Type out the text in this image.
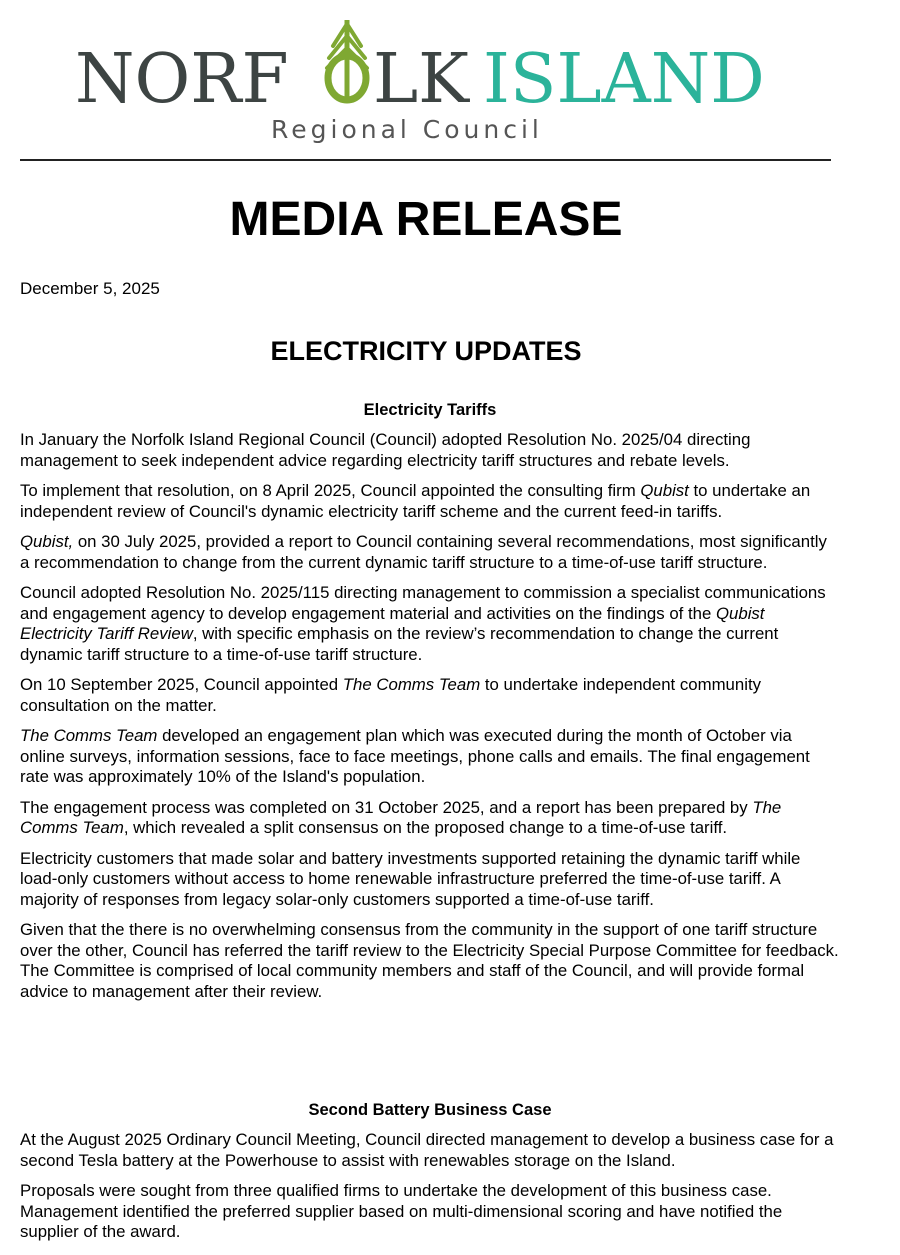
NORF LK ISLAND
Regional Council
MEDIA RELEASE

December 5, 2025

ELECTRICITY UPDATES
Electricity Tariffs

In January the Norfolk Island Regional Council (Council) adopted Resolution No. 2025/04 directing management to seek independent advice regarding electricity tariff structures and rebate levels.

To implement that resolution, on 8 April 2025, Council appointed the consulting firm Qubist to undertake an independent review of Council's dynamic electricity tariff scheme and the current feed-in tariffs.

Qubist, on 30 July 2025, provided a report to Council containing several recommendations, most significantly a recommendation to change from the current dynamic tariff structure to a time-of-use tariff structure.

Council adopted Resolution No. 2025/115 directing management to commission a specialist communications and engagement agency to develop engagement material and activities on the findings of the Qubist Electricity Tariff Review, with specific emphasis on the review’s recommendation to change the current dynamic tariff structure to a time-of-use tariff structure.

On 10 September 2025, Council appointed The Comms Team to undertake independent community consultation on the matter.

The Comms Team developed an engagement plan which was executed during the month of October via online surveys, information sessions, face to face meetings, phone calls and emails. The final engagement rate was approximately 10% of the Island's population.

The engagement process was completed on 31 October 2025, and a report has been prepared by The Comms Team, which revealed a split consensus on the proposed change to a time-of-use tariff.

Electricity customers that made solar and battery investments supported retaining the dynamic tariff while load-only customers without access to home renewable infrastructure preferred the time-of-use tariff. A majority of responses from legacy solar-only customers supported a time-of-use tariff.

Given that the there is no overwhelming consensus from the community in the support of one tariff structure over the other, Council has referred the tariff review to the Electricity Special Purpose Committee for feedback. The Committee is comprised of local community members and staff of the Council, and will provide formal advice to management after their review.

Second Battery Business Case

At the August 2025 Ordinary Council Meeting, Council directed management to develop a business case for a second Tesla battery at the Powerhouse to assist with renewables storage on the Island.

Proposals were sought from three qualified firms to undertake the development of this business case. Management identified the preferred supplier based on multi-dimensional scoring and have notified the supplier of the award.
